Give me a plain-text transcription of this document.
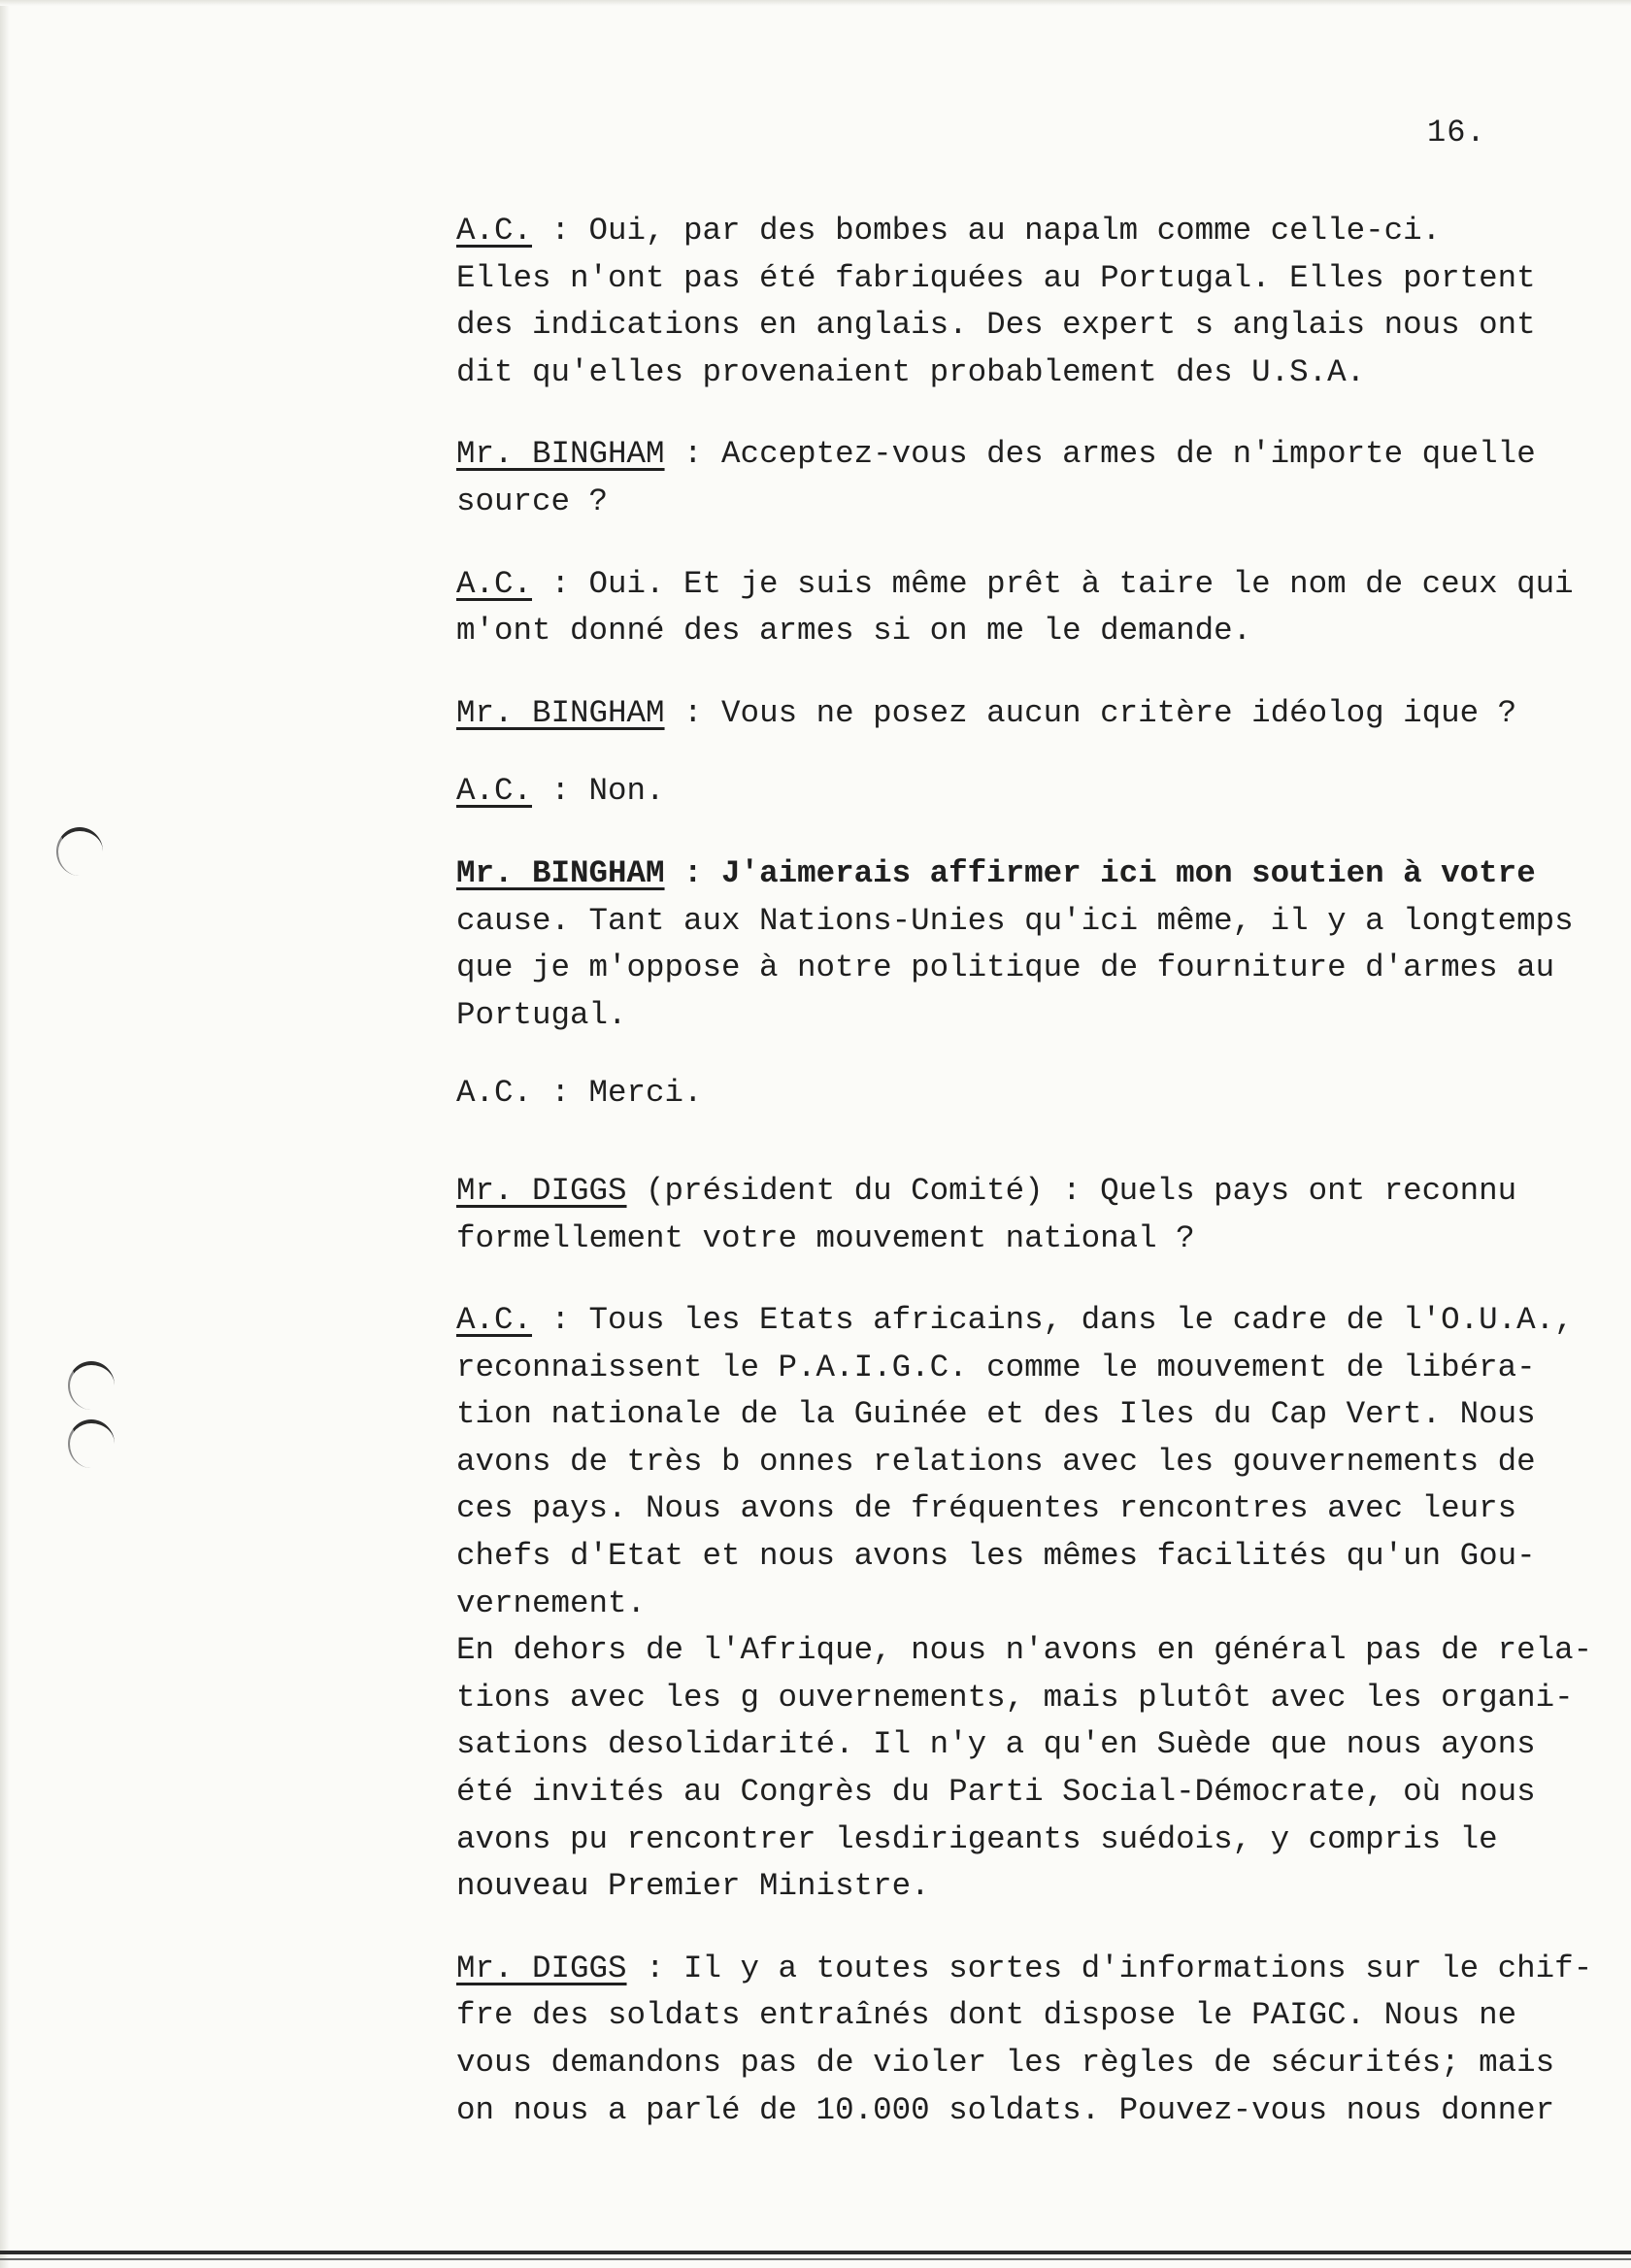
16.

A.C. : Oui, par des bombes au napalm comme celle-ci.
Elles n'ont pas été fabriquées au Portugal. Elles portent
des indications en anglais. Des expert s anglais nous ont
dit qu'elles provenaient probablement des U.S.A.

Mr. BINGHAM : Acceptez-vous des armes de n'importe quelle
source ?

A.C. : Oui. Et je suis même prêt à taire le nom de ceux qui
m'ont donné des armes si on me le demande.

Mr. BINGHAM : Vous ne posez aucun critère idéolog ique ?

A.C. : Non.

Mr. BINGHAM : J'aimerais affirmer ici mon soutien à votre
cause. Tant aux Nations-Unies qu'ici même, il y a longtemps
que je m'oppose à notre politique de fourniture d'armes au
Portugal.

A.C. : Merci.

Mr. DIGGS (président du Comité) : Quels pays ont reconnu
formellement votre mouvement national ?

A.C. : Tous les Etats africains, dans le cadre de l'O.U.A.,
reconnaissent le P.A.I.G.C. comme le mouvement de libéra-
tion nationale de la Guinée et des Iles du Cap Vert. Nous
avons de très b onnes relations avec les gouvernements de
ces pays. Nous avons de fréquentes rencontres avec leurs
chefs d'Etat et nous avons les mêmes facilités qu'un Gou-
vernement.
En dehors de l'Afrique, nous n'avons en général pas de rela-
tions avec les g ouvernements, mais plutôt avec les organi-
sations desolidarité. Il n'y a qu'en Suède que nous ayons
été invités au Congrès du Parti Social-Démocrate, où nous
avons pu rencontrer lesdirigeants suédois, y compris le
nouveau Premier Ministre.

Mr. DIGGS : Il y a toutes sortes d'informations sur le chif-
fre des soldats entraînés dont dispose le PAIGC. Nous ne
vous demandons pas de violer les règles de sécurités; mais
on nous a parlé de 10.000 soldats. Pouvez-vous nous donner
